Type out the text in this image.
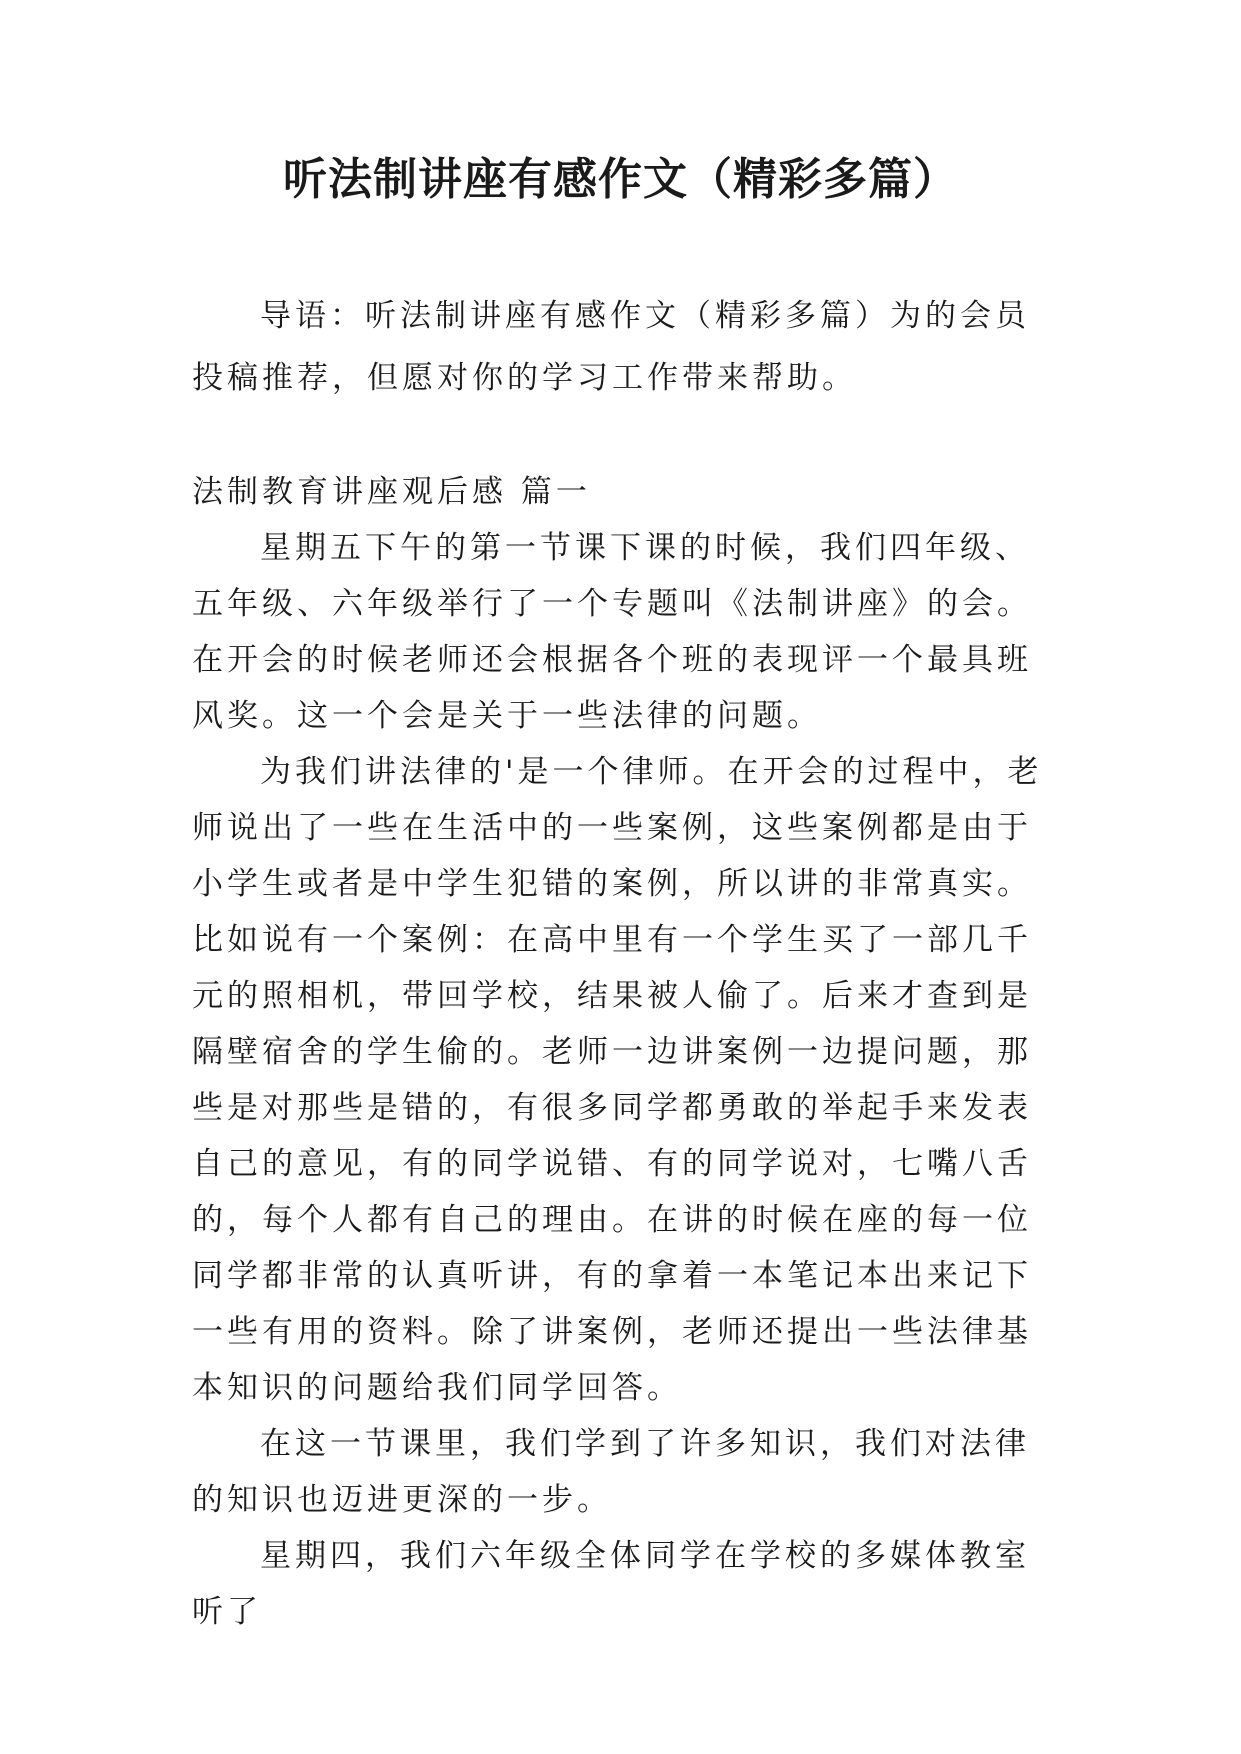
听法制讲座有感作文（精彩多篇）

导语：听法制讲座有感作文（精彩多篇）为的会员投稿推荐，但愿对你的学习工作带来帮助。

法制教育讲座观后感 篇一

星期五下午的第一节课下课的时候，我们四年级、五年级、六年级举行了一个专题叫《法制讲座》的会。在开会的时候老师还会根据各个班的表现评一个最具班风奖。这一个会是关于一些法律的问题。

为我们讲法律的'是一个律师。在开会的过程中，老师说出了一些在生活中的一些案例，这些案例都是由于小学生或者是中学生犯错的案例，所以讲的非常真实。比如说有一个案例：在高中里有一个学生买了一部几千元的照相机，带回学校，结果被人偷了。后来才查到是隔壁宿舍的学生偷的。老师一边讲案例一边提问题，那些是对那些是错的，有很多同学都勇敢的举起手来发表自己的意见，有的同学说错、有的同学说对，七嘴八舌的，每个人都有自己的理由。在讲的时候在座的每一位同学都非常的认真听讲，有的拿着一本笔记本出来记下一些有用的资料。除了讲案例，老师还提出一些法律基本知识的问题给我们同学回答。

在这一节课里，我们学到了许多知识，我们对法律的知识也迈进更深的一步。

星期四，我们六年级全体同学在学校的多媒体教室听了
